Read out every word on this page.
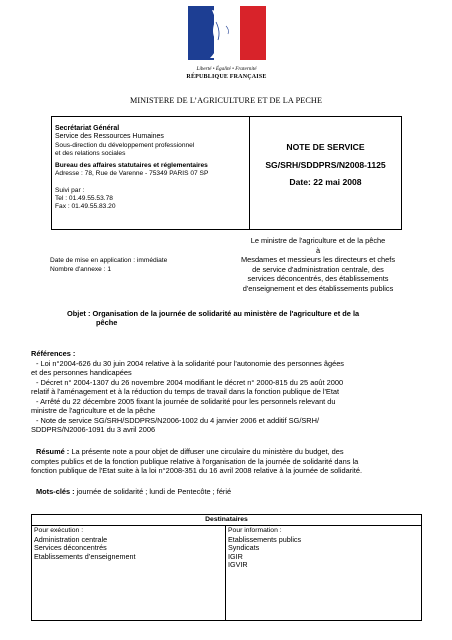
Liberté • Égalité • Fraternité
RÉPUBLIQUE FRANÇAISE
MINISTERE DE L’AGRICULTURE ET DE LA PECHE
Secrétariat Général
Service des Ressources Humaines
Sous-direction du développement professionnel
et des relations sociales
Bureau des affaires statutaires et réglementaires
Adresse : 78, Rue de Varenne - 75349 PARIS 07 SP
Suivi par :
Tel : 01.49.55.53.78
Fax : 01.49.55.83.20
NOTE DE SERVICE
SG/SRH/SDDPRS/N2008-1125
Date: 22 mai 2008
Date de mise en application : immédiate
Nombre d'annexe : 1
Le ministre de l'agriculture et de la pêche
à
Mesdames et messieurs les directeurs et chefs
de service d'administration centrale, des
services déconcentrés, des établissements
d'enseignement et des établissements publics
Objet : Organisation de la journée de solidarité au ministère de l'agriculture et de la
pêche
Références :
- Loi n°2004-626 du 30 juin 2004 relative à la solidarité pour l'autonomie des personnes âgées
et des personnes handicapées
- Décret n° 2004-1307 du 26 novembre 2004 modifiant le décret n° 2000-815 du 25 août 2000
relatif à l'aménagement et à la réduction du temps de travail dans la fonction publique de l'Etat
- Arrêté du 22 décembre 2005 fixant la journée de solidarité pour les personnels relevant du
ministre de l'agriculture et de la pêche
- Note de service SG/SRH/SDDPRS/N2006-1002 du 4 janvier 2006 et additif SG/SRH/
SDDPRS/N2006-1091 du 3 avril 2006
Résumé : La présente note a pour objet de diffuser une circulaire du ministère du budget, des
comptes publics et de la fonction publique relative à l'organisation de la journée de solidarité dans la
fonction publique de l'Etat suite à la loi n°2008-351 du 16 avril 2008 relative à la journée de solidarité.
Mots-clés : journée de solidarité ; lundi de Pentecôte ; férié
Destinataires
Pour exécution :
Administration centrale
Services déconcentrés
Etablissements d’enseignement
Pour information :
Etablissements publics
Syndicats
IGIR
IGVIR
